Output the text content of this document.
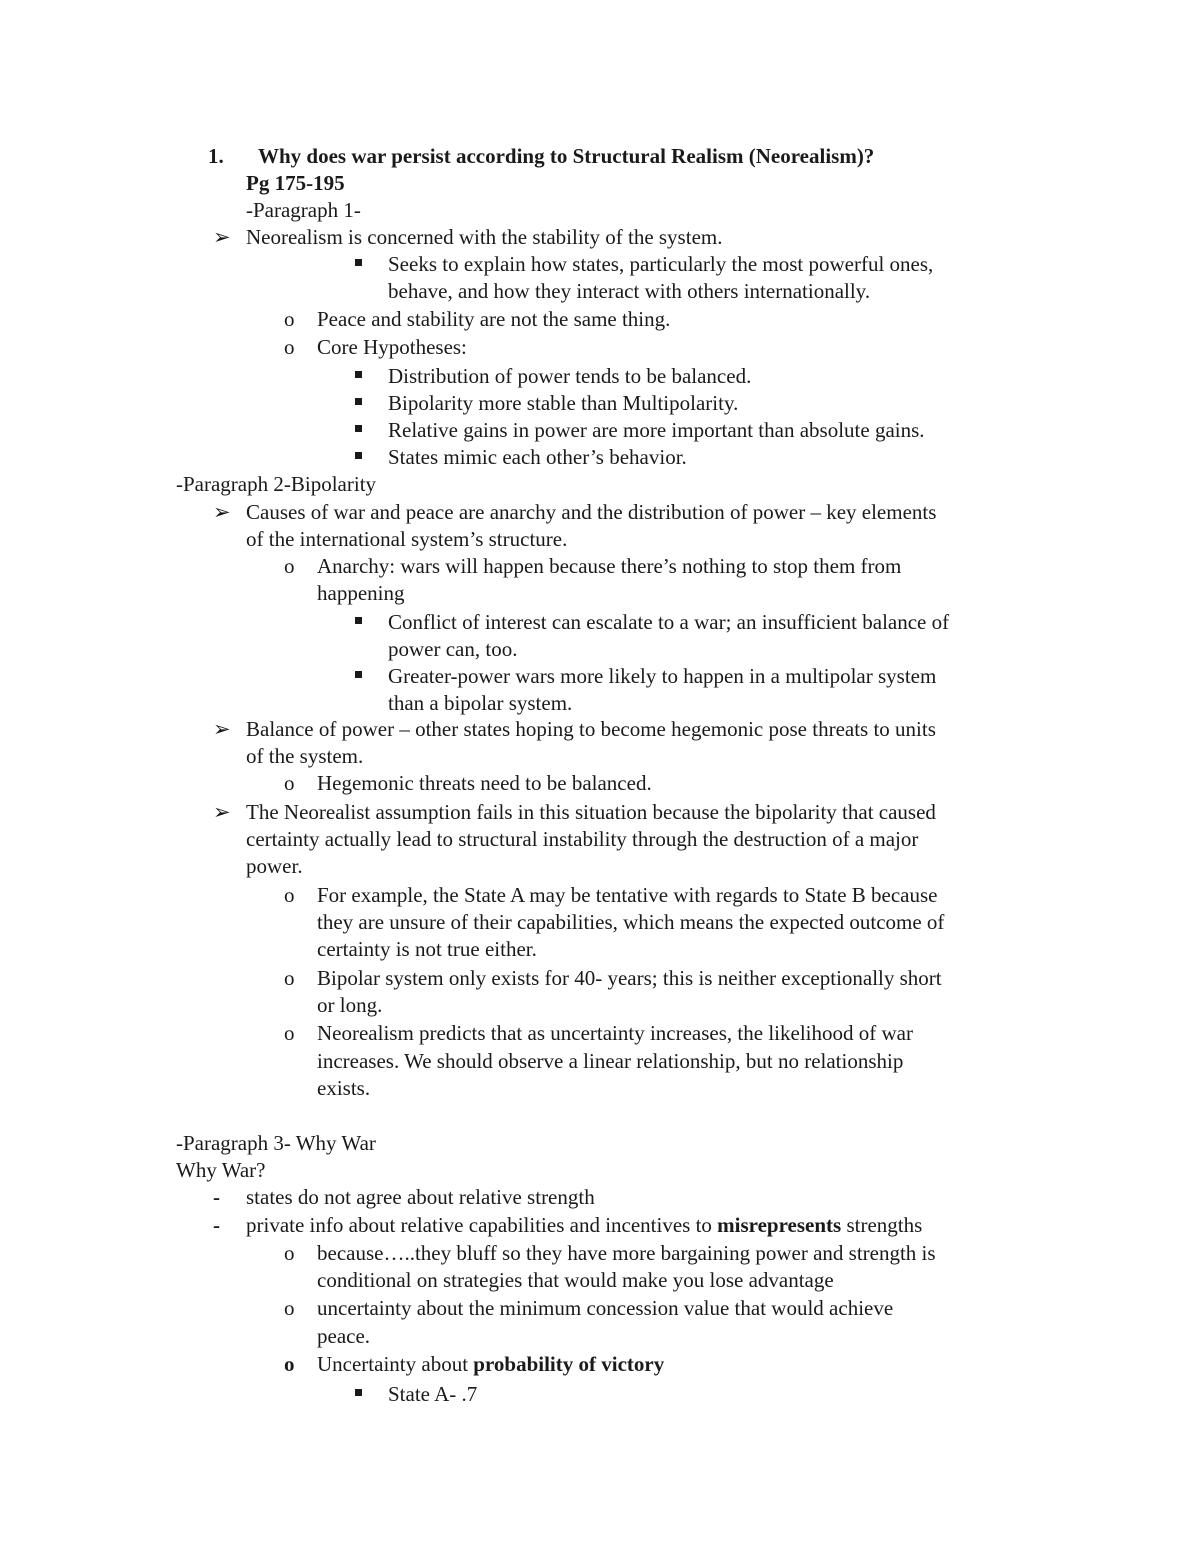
1. Why does war persist according to Structural Realism (Neorealism)?
Pg 175-195
-Paragraph 1-
➢ Neorealism is concerned with the stability of the system.
Seeks to explain how states, particularly the most powerful ones,
behave, and how they interact with others internationally.
o Peace and stability are not the same thing.
o Core Hypotheses:
Distribution of power tends to be balanced.
Bipolarity more stable than Multipolarity.
Relative gains in power are more important than absolute gains.
States mimic each other’s behavior.
-Paragraph 2-Bipolarity
➢ Causes of war and peace are anarchy and the distribution of power – key elements
of the international system’s structure.
o Anarchy: wars will happen because there’s nothing to stop them from
happening
Conflict of interest can escalate to a war; an insufficient balance of
power can, too.
Greater-power wars more likely to happen in a multipolar system
than a bipolar system.
➢ Balance of power – other states hoping to become hegemonic pose threats to units
of the system.
o Hegemonic threats need to be balanced.
➢ The Neorealist assumption fails in this situation because the bipolarity that caused
certainty actually lead to structural instability through the destruction of a major
power.
o For example, the State A may be tentative with regards to State B because
they are unsure of their capabilities, which means the expected outcome of
certainty is not true either.
o Bipolar system only exists for 40- years; this is neither exceptionally short
or long.
o Neorealism predicts that as uncertainty increases, the likelihood of war
increases. We should observe a linear relationship, but no relationship
exists.
-Paragraph 3- Why War
Why War?
- states do not agree about relative strength
- private info about relative capabilities and incentives to misrepresents strengths
o because…..they bluff so they have more bargaining power and strength is
conditional on strategies that would make you lose advantage
o uncertainty about the minimum concession value that would achieve
peace.
o Uncertainty about probability of victory
State A- .7
